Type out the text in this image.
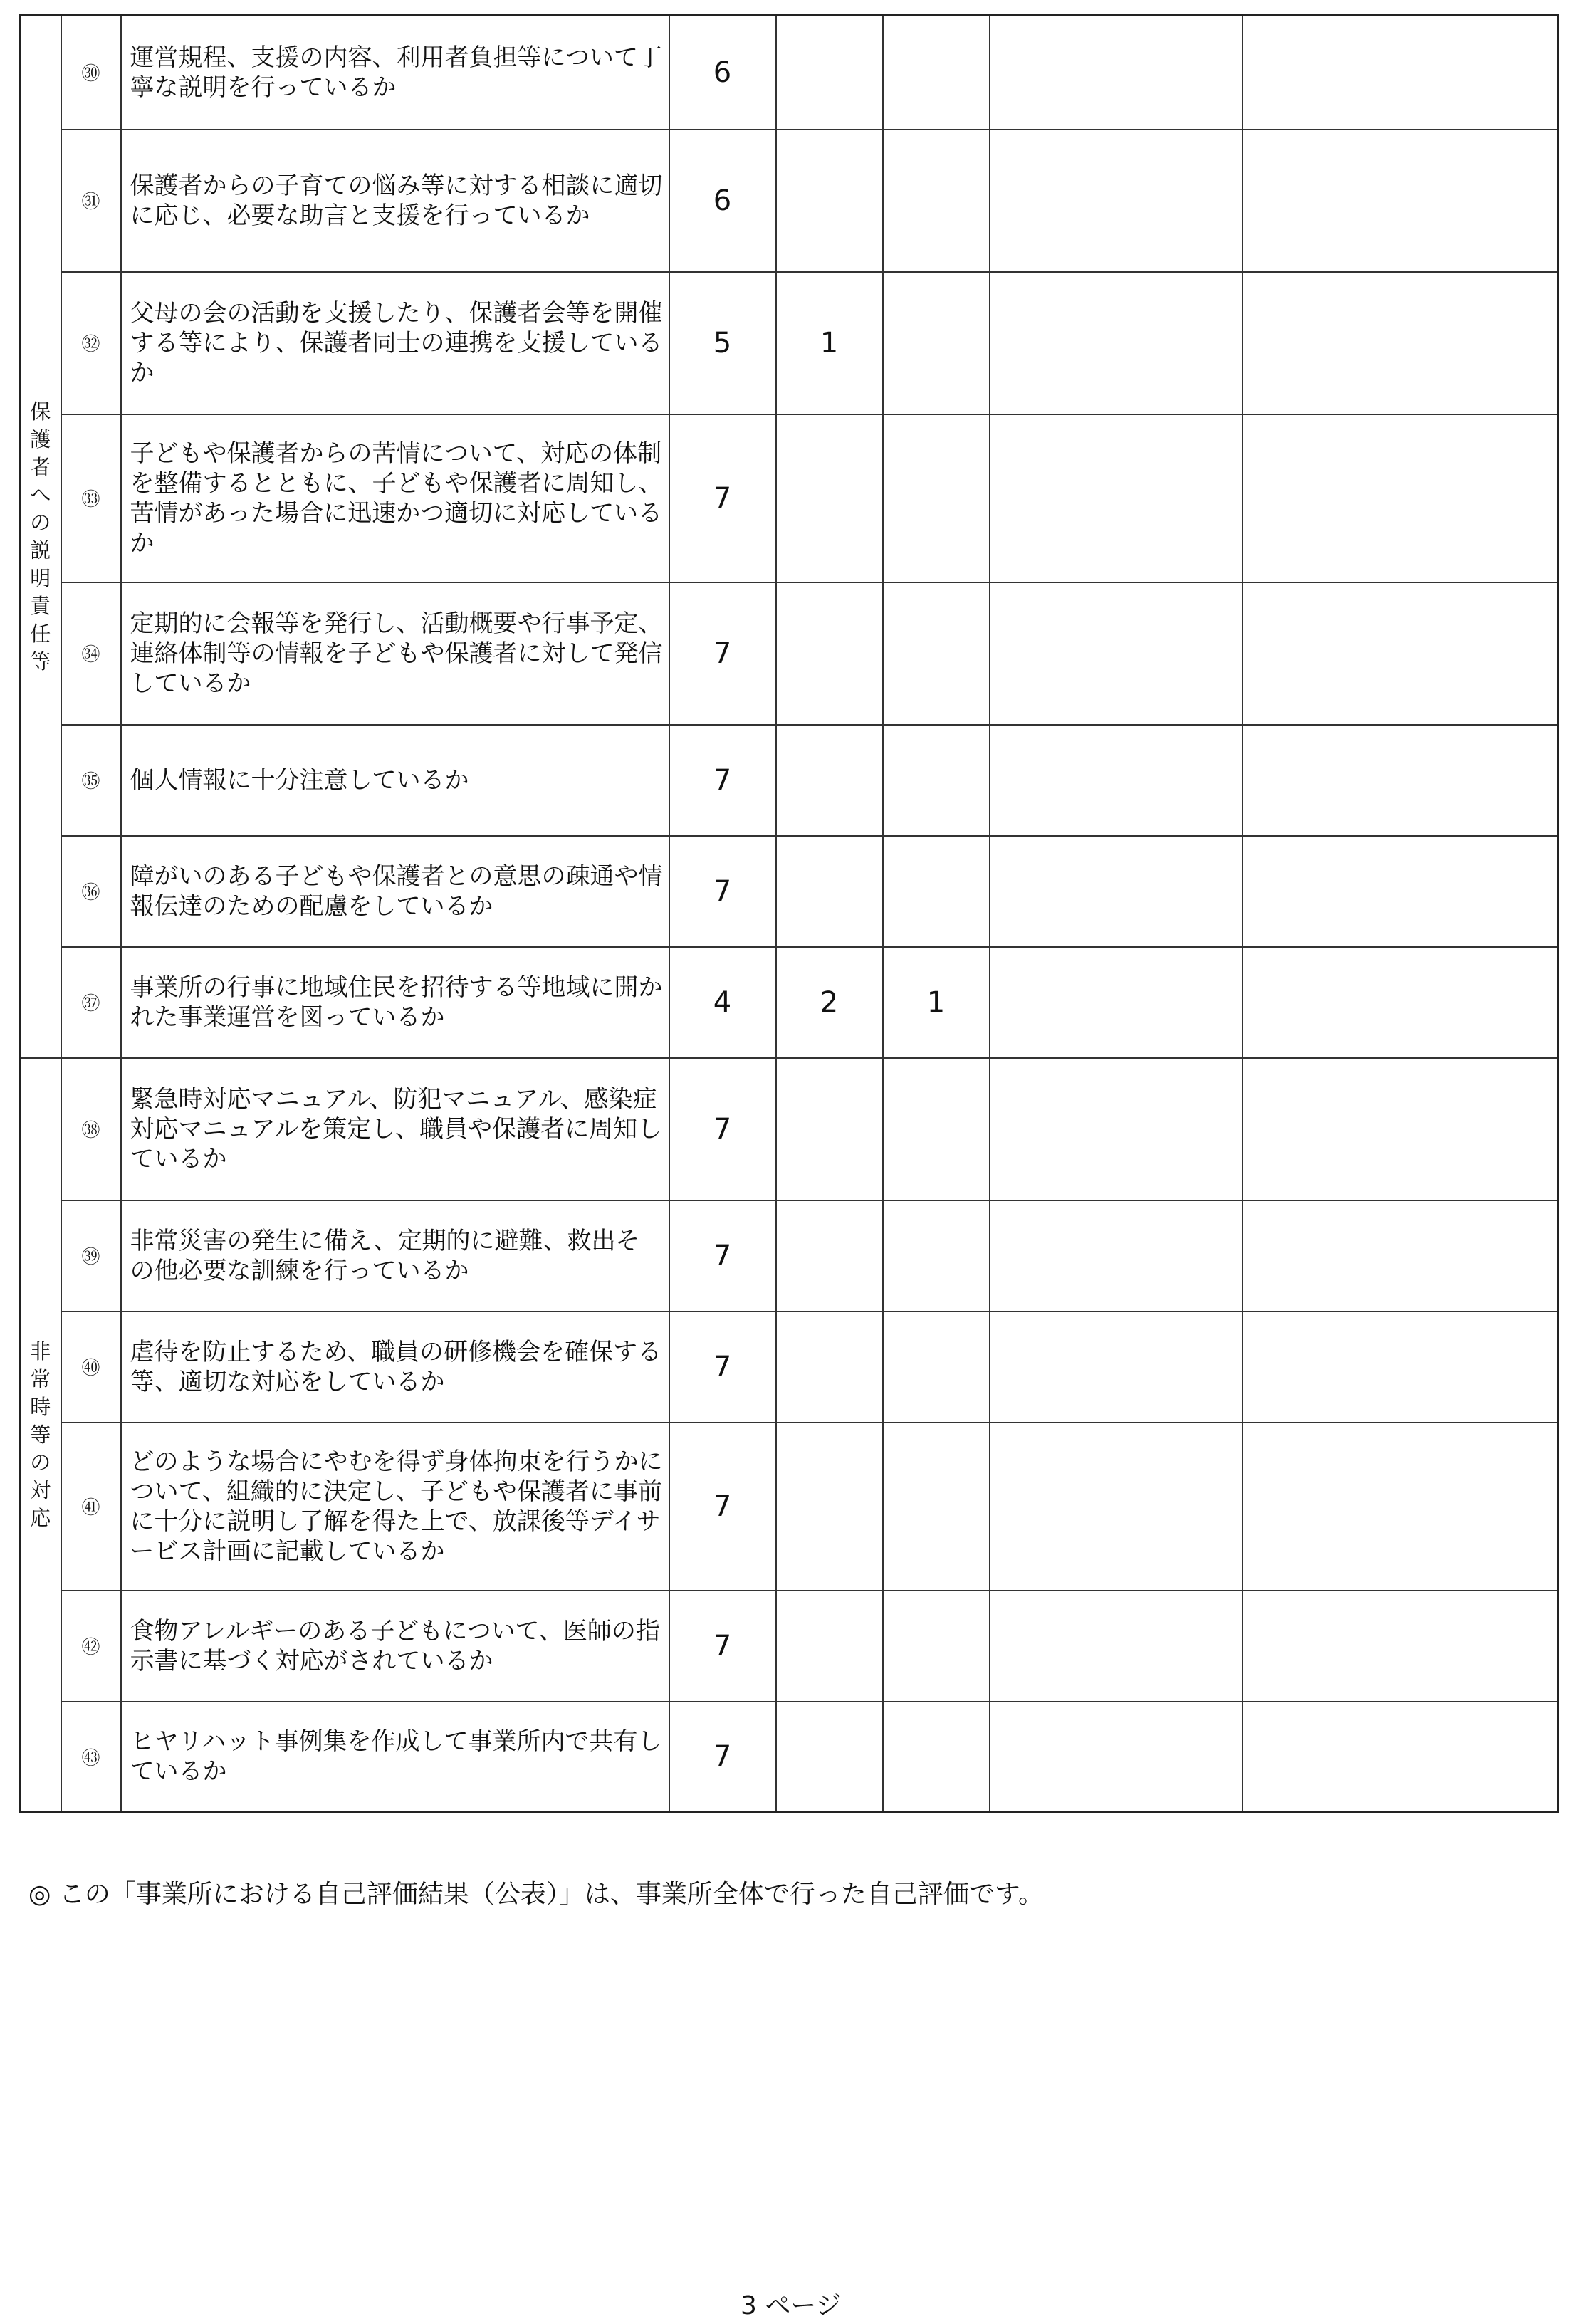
保護者への説明責任等	㉚	運営規程、支援の内容、利用者負担等について丁寧な説明を行っているか	6				
	㉛	保護者からの子育ての悩み等に対する相談に適切に応じ、必要な助言と支援を行っているか	6				
	㉜	父母の会の活動を支援したり、保護者会等を開催する等により、保護者同士の連携を支援しているか	5	1			
	㉝	子どもや保護者からの苦情について、対応の体制を整備するとともに、子どもや保護者に周知し、苦情があった場合に迅速かつ適切に対応しているか	7				
	㉞	定期的に会報等を発行し、活動概要や行事予定、連絡体制等の情報を子どもや保護者に対して発信しているか	7				
	㉟	個人情報に十分注意しているか	7				
	㊱	障がいのある子どもや保護者との意思の疎通や情報伝達のための配慮をしているか	7				
	㊲	事業所の行事に地域住民を招待する等地域に開かれた事業運営を図っているか	4	2	1		
非常時等の対応	㊳	緊急時対応マニュアル、防犯マニュアル、感染症対応マニュアルを策定し、職員や保護者に周知しているか	7				
	㊴	非常災害の発生に備え、定期的に避難、救出その他必要な訓練を行っているか	7				
	㊵	虐待を防止するため、職員の研修機会を確保する等、適切な対応をしているか	7				
	㊶	どのような場合にやむを得ず身体拘束を行うかについて、組織的に決定し、子どもや保護者に事前に十分に説明し了解を得た上で、放課後等デイサービス計画に記載しているか	7				
	㊷	食物アレルギーのある子どもについて、医師の指示書に基づく対応がされているか	7				
	㊸	ヒヤリハット事例集を作成して事業所内で共有しているか	7				
◎ この「事業所における自己評価結果（公表）」は、事業所全体で行った自己評価です。
3 ページ
